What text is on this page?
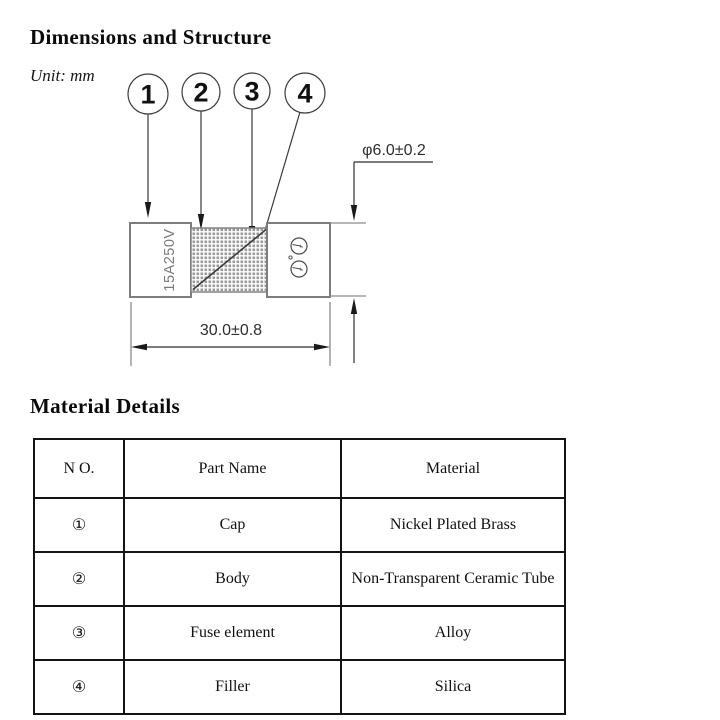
Dimensions and Structure
Unit: mm
1 2 3 4
15A250V	ƒ
ƒ
φ6.0±0.2
30.0±0.8
Material Details
N O.	Part Name	Material
①	Cap	Nickel Plated Brass
②	Body	Non-Transparent Ceramic Tube
③	Fuse element	Alloy
④	Filler	Silica
